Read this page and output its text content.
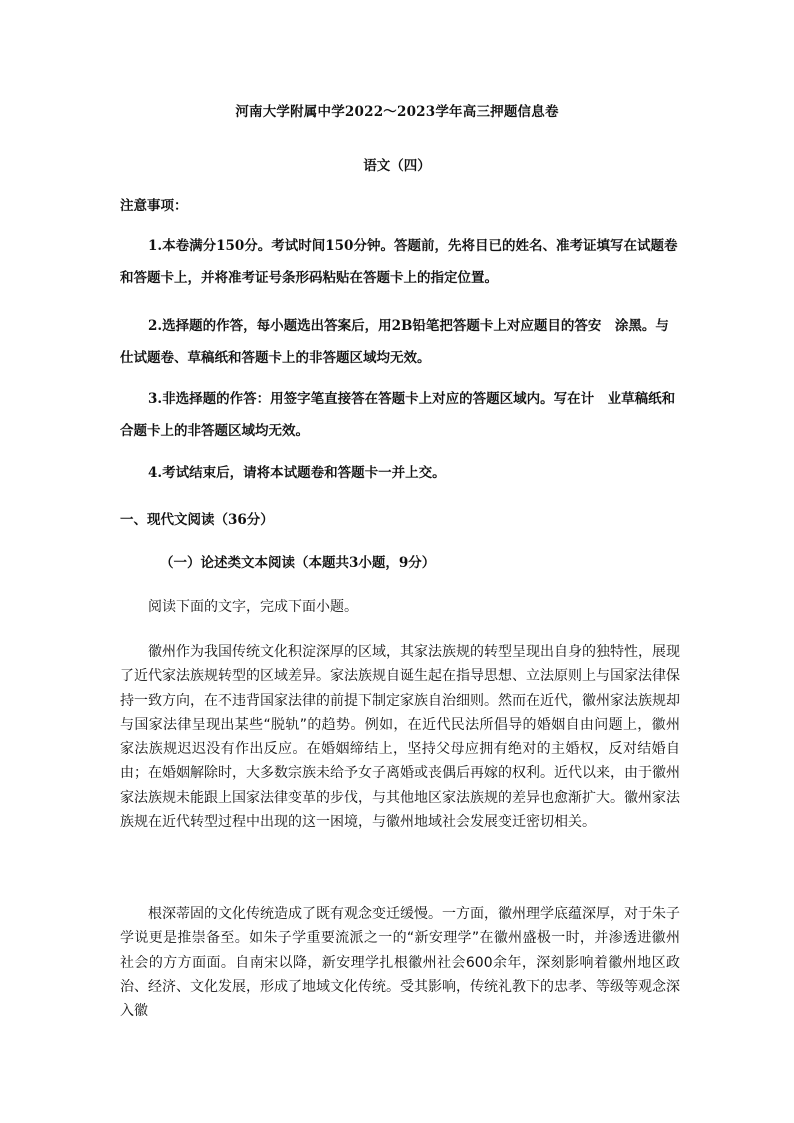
河南大学附属中学2022～2023学年高三押题信息卷
语文（四）
注意事项：
1.本卷满分150分。考试时间150分钟。答题前，先将目已的姓名、准考证填写在试题卷和答题卡上，并将准考证号条形码粘贴在答题卡上的指定位置。
2.选择题的作答，每小题选出答案后，用2B铅笔把答题卡上对应题目的答安　涂黑。与仕试题卷、草稿纸和答题卡上的非答题区域均无效。
3.非选择题的作答：用签字笔直接答在答题卡上对应的答题区域内。写在计　业草稿纸和合题卡上的非答题区域均无效。
4.考试结束后，请将本试题卷和答题卡一并上交。
一、现代文阅读（36分）
（一）论述类文本阅读（本题共3小题，9分）
阅读下面的文字，完成下面小题。
徽州作为我国传统文化积淀深厚的区域，其家法族规的转型呈现出自身的独特性，展现了近代家法族规转型的区域差异。家法族规自诞生起在指导思想、立法原则上与国家法律保持一致方向，在不违背国家法律的前提下制定家族自治细则。然而在近代，徽州家法族规却与国家法律呈现出某些“脱轨”的趋势。例如，在近代民法所倡导的婚姻自由问题上，徽州家法族规迟迟没有作出反应。在婚姻缔结上，坚持父母应拥有绝对的主婚权，反对结婚自由；在婚姻解除时，大多数宗族未给予女子离婚或丧偶后再嫁的权利。近代以来，由于徽州家法族规未能跟上国家法律变革的步伐，与其他地区家法族规的差异也愈渐扩大。徽州家法族规在近代转型过程中出现的这一困境，与徽州地域社会发展变迁密切相关。
根深蒂固的文化传统造成了既有观念变迁缓慢。一方面，徽州理学底蕴深厚，对于朱子学说更是推崇备至。如朱子学重要流派之一的“新安理学”在徽州盛极一时，并渗透进徽州社会的方方面面。自南宋以降，新安理学扎根徽州社会600余年，深刻影响着徽州地区政治、经济、文化发展，形成了地域文化传统。受其影响，传统礼教下的忠孝、等级等观念深入徽
